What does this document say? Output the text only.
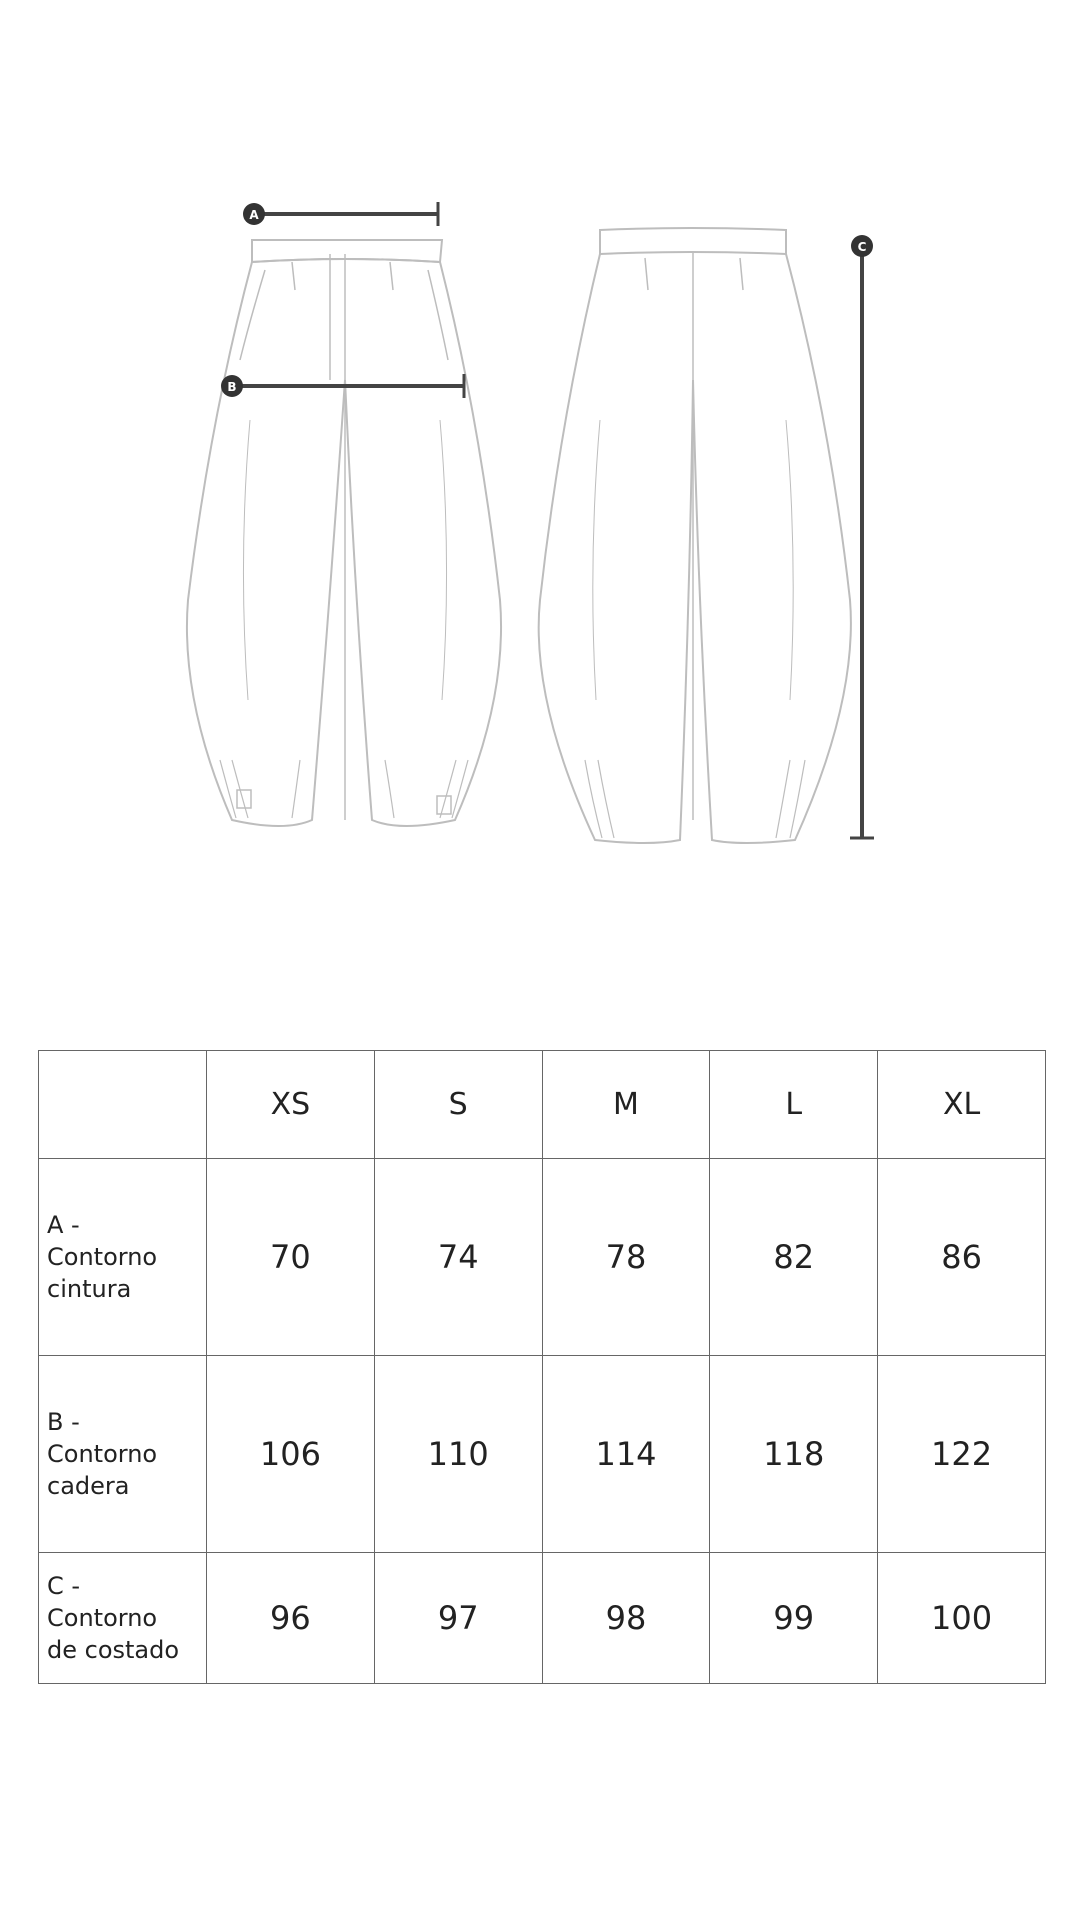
A
B
C
	XS	S	M	L	XL

A -
Contorno
cintura	70	74	78	82	86

B -
Contorno
cadera	106	110	114	118	122

C -
Contorno
de costado	96	97	98	99	100
